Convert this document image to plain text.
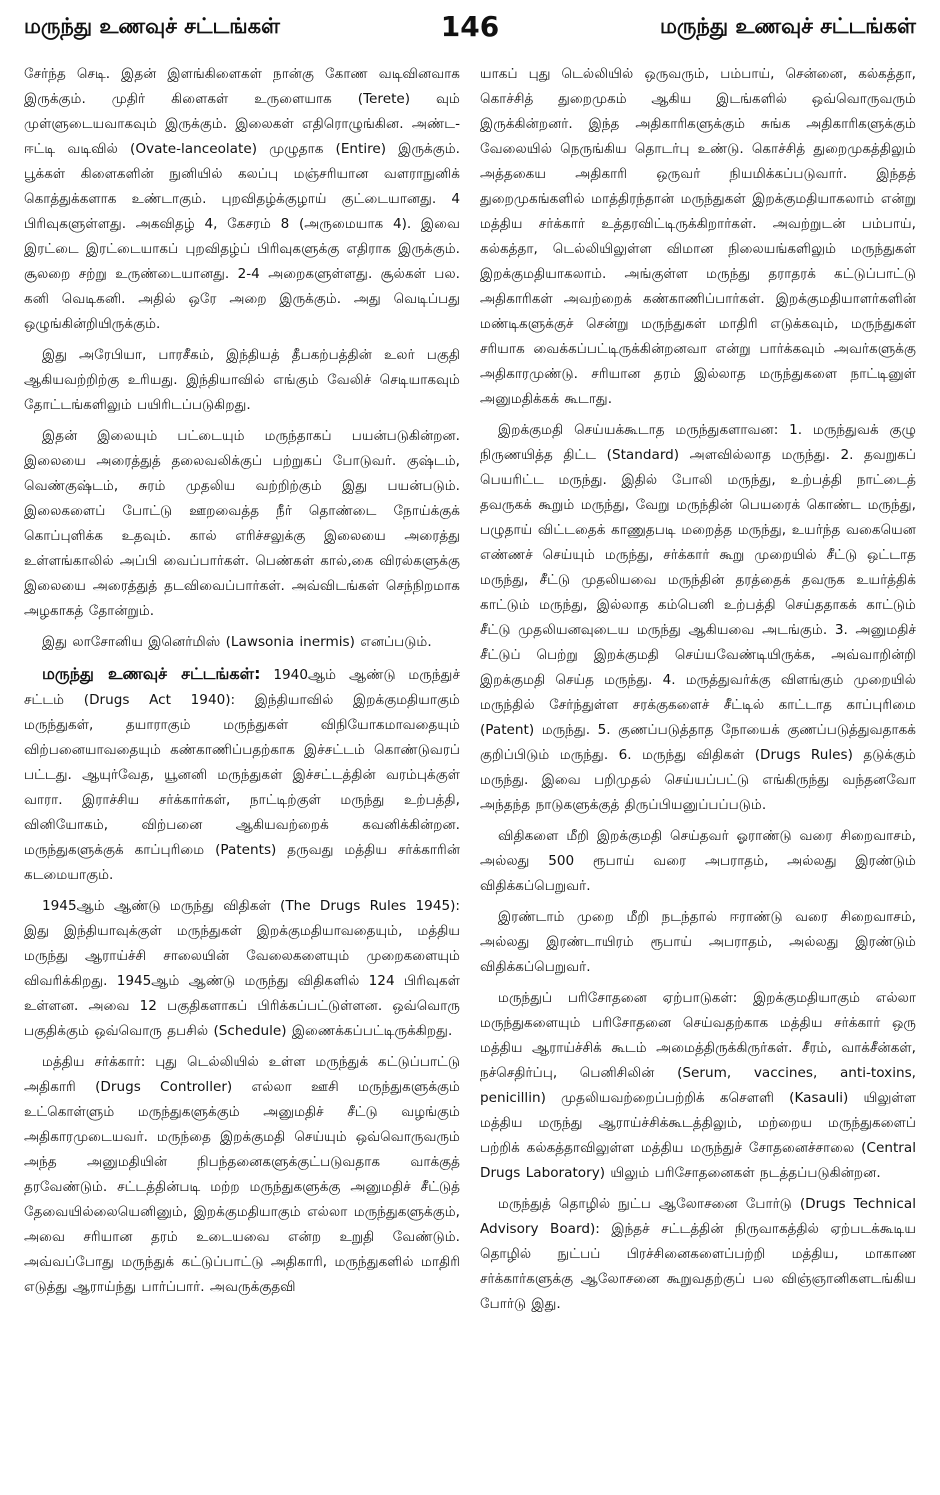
மருந்து உணவுச் சட்டங்கள்	146	மருந்து உணவுச் சட்டங்கள்

சேர்ந்த செடி. இதன் இளங்கிளைகள் நான்கு கோண வடிவினவாக இருக்கும். முதிர் கிளைகள் உருளையாக (Terete) வும் முள்ளுடையவாகவும் இருக்கும். இலைகள் எதிரொழுங்கின. அண்ட-ஈட்டி வடிவில் (Ovate-lanceolate) முழுதாக (Entire) இருக்கும். பூக்கள் கிளைகளின் நுனியில் கலப்பு மஞ்சரியான வளராநுனிக் கொத்துக்களாக உண்டாகும். புறவிதழ்க்குழாய் குட்டையானது. 4 பிரிவுகளுள்ளது. அகவிதழ் 4, கேசரம் 8 (அருமையாக 4). இவை இரட்டை இரட்டையாகப் புறவிதழ்ப் பிரிவுகளுக்கு எதிராக இருக்கும். சூலறை சற்று உருண்டையானது. 2-4 அறைகளுள்ளது. சூல்கள் பல. கனி வெடிகனி. அதில் ஒரே அறை இருக்கும். அது வெடிப்பது ஒழுங்கின்றியிருக்கும்.

இது அரேபியா, பாரசீகம், இந்தியத் தீபகற்பத்தின் உலர் பகுதி ஆகியவற்றிற்கு உரியது. இந்தியாவில் எங்கும் வேலிச் செடியாகவும் தோட்டங்களிலும் பயிரிடப்படுகிறது.

இதன் இலையும் பட்டையும் மருந்தாகப் பயன்படுகின்றன. இலையை அரைத்துத் தலைவலிக்குப் பற்றுகப் போடுவர். குஷ்டம், வெண்குஷ்டம், சுரம் முதலிய வற்றிற்கும் இது பயன்படும். இலைகளைப் போட்டு ஊறவைத்த நீர் தொண்டை நோய்க்குக் கொப்புளிக்க உதவும். கால் எரிச்சலுக்கு இலையை அரைத்து உள்ளங்காலில் அப்பி வைப்பார்கள். பெண்கள் கால்,கை விரல்களுக்கு இலையை அரைத்துத் தடவிவைப்பார்கள். அவ்விடங்கள் செந்நிறமாக அழகாகத் தோன்றும்.

இது லாசோனிய இனெர்மிஸ் (Lawsonia inermis) எனப்படும்.

மருந்து உணவுச் சட்டங்கள்: 1940ஆம் ஆண்டு மருந்துச் சட்டம் (Drugs Act 1940): இந்தியாவில் இறக்குமதியாகும் மருந்துகள், தயாராகும் மருந்துகள் விநியோகமாவதையும் விற்பனையாவதையும் கண்காணிப்பதற்காக இச்சட்டம் கொண்டுவரப் பட்டது. ஆயுர்வேத, யூனனி மருந்துகள் இச்சட்டத்தின் வரம்புக்குள் வாரா. இராச்சிய சர்க்கார்கள், நாட்டிற்குள் மருந்து உற்பத்தி, வினியோகம், விற்பனை ஆகியவற்றைக் கவனிக்கின்றன. மருந்துகளுக்குக் காப்புரிமை (Patents) தருவது மத்திய சர்க்காரின் கடமையாகும்.

1945ஆம் ஆண்டு மருந்து விதிகள் (The Drugs Rules 1945): இது இந்தியாவுக்குள் மருந்துகள் இறக்குமதியாவதையும், மத்திய மருந்து ஆராய்ச்சி சாலையின் வேலைகளையும் முறைகளையும் விவரிக்கிறது. 1945ஆம் ஆண்டு மருந்து விதிகளில் 124 பிரிவுகள் உள்ளன. அவை 12 பகுதிகளாகப் பிரிக்கப்பட்டுள்ளன. ஒவ்வொரு பகுதிக்கும் ஒவ்வொரு தபசில் (Schedule) இணைக்கப்பட்டிருக்கிறது.

மத்திய சர்க்கார்: புது டெல்லியில் உள்ள மருந்துக் கட்டுப்பாட்டு அதிகாரி (Drugs Controller) எல்லா ஊசி மருந்துகளுக்கும் உட்கொள்ளும் மருந்துகளுக்கும் அனுமதிச் சீட்டு வழங்கும் அதிகாரமுடையவர். மருந்தை இறக்குமதி செய்யும் ஒவ்வொருவரும் அந்த அனுமதியின் நிபந்தனைகளுக்குட்படுவதாக வாக்குத் தரவேண்டும். சட்டத்தின்படி மற்ற மருந்துகளுக்கு அனுமதிச் சீட்டுத் தேவையில்லையெனினும், இறக்குமதியாகும் எல்லா மருந்துகளுக்கும், அவை சரியான தரம் உடையவை என்ற உறுதி வேண்டும். அவ்வப்போது மருந்துக் கட்டுப்பாட்டு அதிகாரி, மருந்துகளில் மாதிரி எடுத்து ஆராய்ந்து பார்ப்பார். அவருக்குதவி

யாகப் புது டெல்லியில் ஒருவரும், பம்பாய், சென்னை, கல்கத்தா, கொச்சித் துறைமுகம் ஆகிய இடங்களில் ஒவ்வொருவரும் இருக்கின்றனர். இந்த அதிகாரிகளுக்கும் சுங்க அதிகாரிகளுக்கும் வேலையில் நெருங்கிய தொடர்பு உண்டு. கொச்சித் துறைமுகத்திலும் அத்தகைய அதிகாரி ஒருவர் நியமிக்கப்படுவார். இந்தத் துறைமுகங்களில் மாத்திரந்தான் மருந்துகள் இறக்குமதியாகலாம் என்று மத்திய சர்க்கார் உத்தரவிட்டிருக்கிறார்கள். அவற்றுடன் பம்பாய், கல்கத்தா, டெல்லியிலுள்ள விமான நிலையங்களிலும் மருந்துகள் இறக்குமதியாகலாம். அங்குள்ள மருந்து தராதரக் கட்டுப்பாட்டு அதிகாரிகள் அவற்றைக் கண்காணிப்பார்கள். இறக்குமதியாளர்களின் மண்டிகளுக்குச் சென்று மருந்துகள் மாதிரி எடுக்கவும், மருந்துகள் சரியாக வைக்கப்பட்டிருக்கின்றனவா என்று பார்க்கவும் அவர்களுக்கு அதிகாரமுண்டு. சரியான தரம் இல்லாத மருந்துகளை நாட்டினுள் அனுமதிக்கக் கூடாது.

இறக்குமதி செய்யக்கூடாத மருந்துகளாவன: 1. மருந்துவக் குழு நிருணயித்த திட்ட (Standard) அளவில்லாத மருந்து. 2. தவறுகப் பெயரிட்ட மருந்து. இதில் போலி மருந்து, உற்பத்தி நாட்டைத் தவருகக் கூறும் மருந்து, வேறு மருந்தின் பெயரைக் கொண்ட மருந்து, பழுதாய் விட்டதைக் காணுதபடி மறைத்த மருந்து, உயர்ந்த வகையென எண்ணச் செய்யும் மருந்து, சர்க்கார் கூறு முறையில் சீட்டு ஒட்டாத மருந்து, சீட்டு முதலியவை மருந்தின் தரத்தைக் தவருக உயர்த்திக் காட்டும் மருந்து, இல்லாத கம்பெனி உற்பத்தி செய்ததாகக் காட்டும் சீட்டு முதலியனவுடைய மருந்து ஆகியவை அடங்கும். 3. அனுமதிச் சீட்டுப் பெற்று இறக்குமதி செய்யவேண்டியிருக்க, அவ்வாறின்றி இறக்குமதி செய்த மருந்து. 4. மருத்துவர்க்கு விளங்கும் முறையில் மருந்தில் சேர்ந்துள்ள சரக்குகளைச் சீட்டில் காட்டாத காப்புரிமை (Patent) மருந்து. 5. குணப்படுத்தாத நோயைக் குணப்படுத்துவதாகக் குறிப்பிடும் மருந்து. 6. மருந்து விதிகள் (Drugs Rules) தடுக்கும் மருந்து. இவை பறிமுதல் செய்யப்பட்டு எங்கிருந்து வந்தனவோ அந்தந்த நாடுகளுக்குத் திருப்பியனுப்பப்படும்.

விதிகளை மீறி இறக்குமதி செய்தவர் ஓராண்டு வரை சிறைவாசம், அல்லது 500 ரூபாய் வரை அபராதம், அல்லது இரண்டும் விதிக்கப்பெறுவர்.

இரண்டாம் முறை மீறி நடந்தால் ஈராண்டு வரை சிறைவாசம், அல்லது இரண்டாயிரம் ரூபாய் அபராதம், அல்லது இரண்டும் விதிக்கப்பெறுவர்.

மருந்துப் பரிசோதனை ஏற்பாடுகள்: இறக்குமதியாகும் எல்லா மருந்துகளையும் பரிசோதனை செய்வதற்காக மத்திய சர்க்கார் ஒரு மத்திய ஆராய்ச்சிக் கூடம் அமைத்திருக்கிருர்கள். சீரம், வாக்சீன்கள், நச்செதிர்ப்பு, பெனிசிலின் (Serum, vaccines, anti-toxins, penicillin) முதலியவற்றைப்பற்றிக் கசௌளி (Kasauli) யிலுள்ள மத்திய மருந்து ஆராய்ச்சிக்கூடத்திலும், மற்றைய மருந்துகளைப் பற்றிக் கல்கத்தாவிலுள்ள மத்திய மருந்துச் சோதனைச்சாலை (Central Drugs Laboratory) யிலும் பரிசோதனைகள் நடத்தப்படுகின்றன.

மருந்துத் தொழில் நுட்ப ஆலோசனை போர்டு (Drugs Technical Advisory Board): இந்தச் சட்டத்தின் நிருவாகத்தில் ஏற்படக்கூடிய தொழில் நுட்பப் பிரச்சினைகளைப்பற்றி மத்திய, மாகாண சர்க்கார்களுக்கு ஆலோசனை கூறுவதற்குப் பல விஞ்ஞானிகளடங்கிய போர்டு இது.
